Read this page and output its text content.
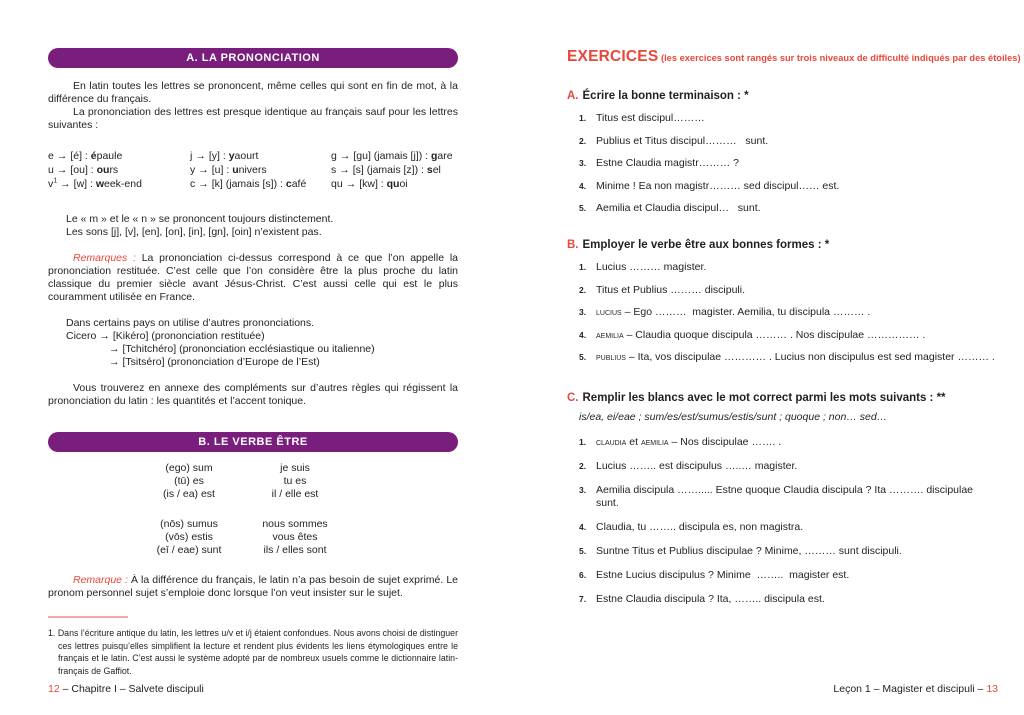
A. LA PRONONCIATION

En latin toutes les lettres se prononcent, même celles qui sont en fin de mot, à la différence du français.

La prononciation des lettres est presque identique au français sauf pour les lettres suivantes :

e → [é] : épaule
u → [ou] : ours
v$^1$ → [w] : week-end
j → [y] : yaourt
y → [u] : univers
c → [k] (jamais [s]) : café
g → [gu] (jamais [j]) : gare
s → [s] (jamais [z]) : sel
qu → [kw] : quoi
Le « m » et le « n » se prononcent toujours distinctement.
Les sons [j], [v], [en], [on], [in], [gn], [oin] n’existent pas.

Remarques : La prononciation ci-dessus correspond à ce que l’on appelle la prononciation restituée. C’est celle que l’on considère être la plus proche du latin classique du premier siècle avant Jésus-Christ. C’est aussi celle qui est le plus couramment utilisée en France.

Dans certains pays on utilise d’autres prononciations.
Cicero → [Kikéro] (prononciation restituée)
→ [Tchitchéro] (prononciation ecclésiastique ou italienne)
→ [Tsitséro] (prononciation d’Europe de l’Est)

Vous trouverez en annexe des compléments sur d’autres règles qui régissent la prononciation du latin : les quantités et l’accent tonique.

B. LE VERBE ÊTRE
(ego) sum
(tū) es
(is / ea) est
(nōs) sumus
(vōs) estis
(eī / eae) sunt
je suis
tu es
il / elle est
nous sommes
vous êtes
ils / elles sont

Remarque : À la différence du français, le latin n’a pas besoin de sujet exprimé. Le pronom personnel sujet s’emploie donc lorsque l’on veut insister sur le sujet.

1. Dans l’écriture antique du latin, les lettres u/v et i/j étaient confondues. Nous avons choisi de distinguer ces lettres puisqu’elles simplifient la lecture et rendent plus évidents les liens étymologiques entre le français et le latin. C’est aussi le système adopté par de nombreux usuels comme le dictionnaire latin-français de Gaffiot.
EXERCICES (les exercices sont rangés sur trois niveaux de difficulté indiqués par des étoiles)
A. Écrire la bonne terminaison : *
1. Titus est discipul………
2. Publius et Titus discipul………   sunt.
3. Estne Claudia magistr……… ?
4. Minime ! Ea non magistr……… sed discipul…… est.
5. Aemilia et Claudia discipul…   sunt.
B. Employer le verbe être aux bonnes formes : *
1. Lucius ……… magister.
2. Titus et Publius ……… discipuli.
3. lucius – Ego ………  magister. Aemilia, tu discipula ……… .
4. aemilia – Claudia quoque discipula ……… . Nos discipulae …………… .
5. publius – Ita, vos discipulae ………… . Lucius non discipulus est sed magister ……… .
C. Remplir les blancs avec le mot correct parmi les mots suivants : **
is/ea, ei/eae ; sum/es/est/sumus/estis/sunt ; quoque ; non… sed…
1. claudia et aemilia – Nos discipulae ……. .
2. Lucius …….. est discipulus …..… magister.
3. Aemilia discipula ……..... Estne quoque Claudia discipula ? Ita ………. discipulae sunt.
4. Claudia, tu …….. discipula es, non magistra.
5. Suntne Titus et Publius discipulae ? Minime, ……… sunt discipuli.
6. Estne Lucius discipulus ? Minime  ……..  magister est.
7. Estne Claudia discipula ? Ita, …….. discipula est.
12 – Chapitre I – Salvete discipuli	Leçon 1 – Magister et discipuli – 13
